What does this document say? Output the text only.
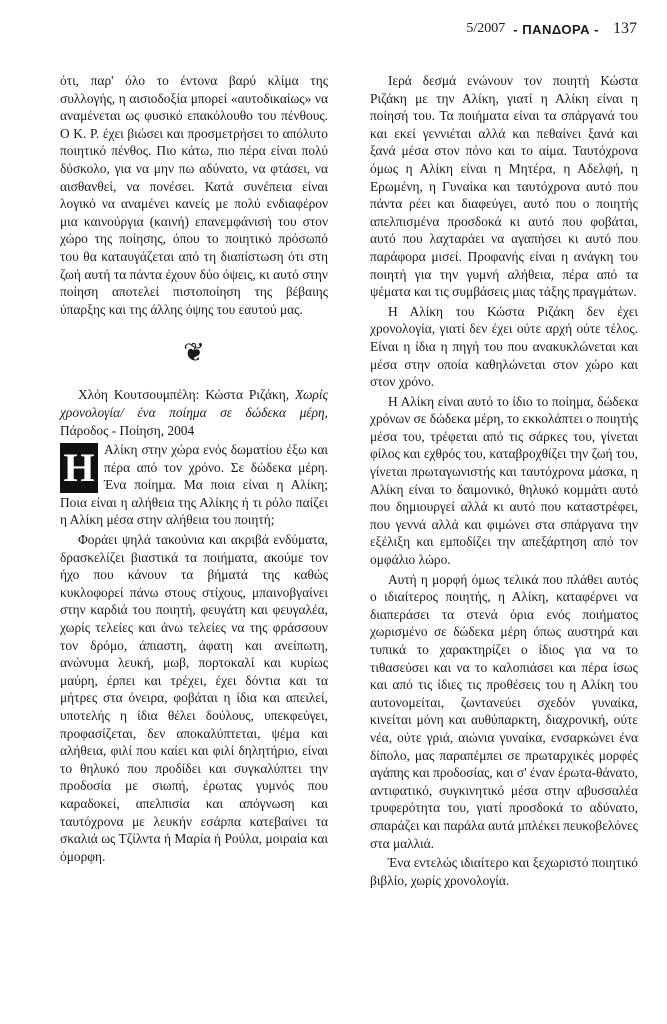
5/2007 - ΠΑΝΔΟΡΑ - 137

ότι, παρ' όλο το έντονα βαρύ κλίμα της συλλογής, η αισιοδοξία μπορεί «αυτοδικαίως» να αναμένεται ως φυσικό επακόλουθο του πένθους. Ο Κ. Ρ. έχει βιώσει και προσμετρήσει το απόλυτο ποιητικό πένθος. Πιο κάτω, πιο πέρα είναι πολύ δύσκολο, για να μην πω αδύνατο, να φτάσει, να αισθανθεί, να πονέσει. Κατά συνέπεια είναι λογικό να αναμένει κανείς με πολύ ενδιαφέρον μια καινούργια (καινή) επανεμφάνισή του στον χώρο της ποίησης, όπου το ποιητικό πρόσωπό του θα καταυγάζεται από τη διαπίστωση ότι στη ζωή αυτή τα πάντα έχουν δύο όψεις, κι αυτό στην ποίηση αποτελεί πιστοποίηση της βέβαιης ύπαρξης και της άλλης όψης του εαυτού μας.

❦

Χλόη Κουτσουμπέλη: Κώστα Ριζάκη, Χωρίς χρονολογία/ ένα ποίημα σε δώδεκα μέρη, Πάροδος - Ποίηση, 2004

Η Αλίκη στην χώρα ενός δωματίου έξω και πέρα από τον χρόνο. Σε δώδεκα μέρη. Ένα ποίημα. Μα ποια είναι η Αλίκη; Ποια είναι η αλήθεια της Αλίκης ή τι ρόλο παίζει η Αλίκη μέσα στην αλήθεια του ποιητή;

Φοράει ψηλά τακούνια και ακριβά ενδύματα, δρασκελίζει βιαστικά τα ποιήματα, ακούμε τον ήχο που κάνουν τα βήματά της καθώς κυκλοφορεί πάνω στους στίχους, μπαινοβγαίνει στην καρδιά του ποιητή, φευγάτη και φευγαλέα, χωρίς τελείες και άνω τελείες να της φράσσουν τον δρόμο, άπιαστη, άφατη και ανείπωτη, ανώνυμα λευκή, μωβ, πορτοκαλί και κυρίως μαύρη, έρπει και τρέχει, έχει δόντια και τα μήτρες στα όνειρα, φοβάται η ίδια και απειλεί, υποτελής η ίδια θέλει δούλους, υπεκφεύγει, προφασίζεται, δεν αποκαλύπτεται, ψέμα και αλήθεια, φιλί που καίει και φιλί δηλητήριο, είναι το θηλυκό που προδίδει και συγκαλύπτει την προδοσία με σιωπή, έρωτας γυμνός που καραδοκεί, απελπισία και απόγνωση και ταυτόχρονα με λευκήν εσάρπα κατεβαίνει τα σκαλιά ως Τζίλντα ή Μαρία ή Ρούλα, μοιραία και όμορφη.

Ιερά δεσμά ενώνουν τον ποιητή Κώστα Ριζάκη με την Αλίκη, γιατί η Αλίκη είναι η ποίησή του. Τα ποιήματα είναι τα σπάργανά του και εκεί γεννιέται αλλά και πεθαίνει ξανά και ξανά μέσα στον πόνο και το αίμα. Ταυτόχρονα όμως η Αλίκη είναι η Μητέρα, η Αδελφή, η Ερωμένη, η Γυναίκα και ταυτόχρονα αυτό που πάντα ρέει και διαφεύγει, αυτό που ο ποιητής απελπισμένα προσδοκά κι αυτό που φοβάται, αυτό που λαχταράει να αγαπήσει κι αυτό που παράφορα μισεί. Προφανής είναι η ανάγκη του ποιητή για την γυμνή αλήθεια, πέρα από τα ψέματα και τις συμβάσεις μιας τάξης πραγμάτων.

Η Αλίκη του Κώστα Ριζάκη δεν έχει χρονολογία, γιατί δεν έχει ούτε αρχή ούτε τέλος. Είναι η ίδια η πηγή του που ανακυκλώνεται και μέσα στην οποία καθηλώνεται στον χώρο και στον χρόνο.

Η Αλίκη είναι αυτό το ίδιο το ποίημα, δώδεκα χρόνων σε δώδεκα μέρη, το εκκολάπτει ο ποιητής μέσα του, τρέφεται από τις σάρκες του, γίνεται φίλος και εχθρός του, καταβροχθίζει την ζωή του, γίνεται πρωταγωνιστής και ταυτόχρονα μάσκα, η Αλίκη είναι το δαιμονικό, θηλυκό κομμάτι αυτό που δημιουργεί αλλά κι αυτό που καταστρέφει, που γεννά αλλά και φιμώνει στα σπάργανα την εξέλιξη και εμποδίζει την απεξάρτηση από τον ομφάλιο λώρο.

Αυτή η μορφή όμως τελικά που πλάθει αυτός ο ιδιαίτερος ποιητής, η Αλίκη, καταφέρνει να διαπεράσει τα στενά όρια ενός ποιήματος χωρισμένο σε δώδεκα μέρη όπως αυστηρά και τυπικά το χαρακτηρίζει ο ίδιος για να το τιθασεύσει και να το καλοπιάσει και πέρα ίσως και από τις ίδιες τις προθέσεις του η Αλίκη του αυτονομείται, ζωντανεύει σχεδόν γυναίκα, κινείται μόνη και αυθύπαρκτη, διαχρονική, ούτε νέα, ούτε γριά, αιώνια γυναίκα, ενσαρκώνει ένα δίπολο, μας παραπέμπει σε πρωταρχικές μορφές αγάπης και προδοσίας, και σ' έναν έρωτα-θάνατο, αντιφατικό, συγκινητικό μέσα στην αβυσσαλέα τρυφερότητα του, γιατί προσδοκά το αδύνατο, σπαράζει και παράλα αυτά μπλέκει πευκοβελόνες στα μαλλιά.

Ένα εντελώς ιδιαίτερο και ξεχωριστό ποιητικό βιβλίο, χωρίς χρονολογία.
